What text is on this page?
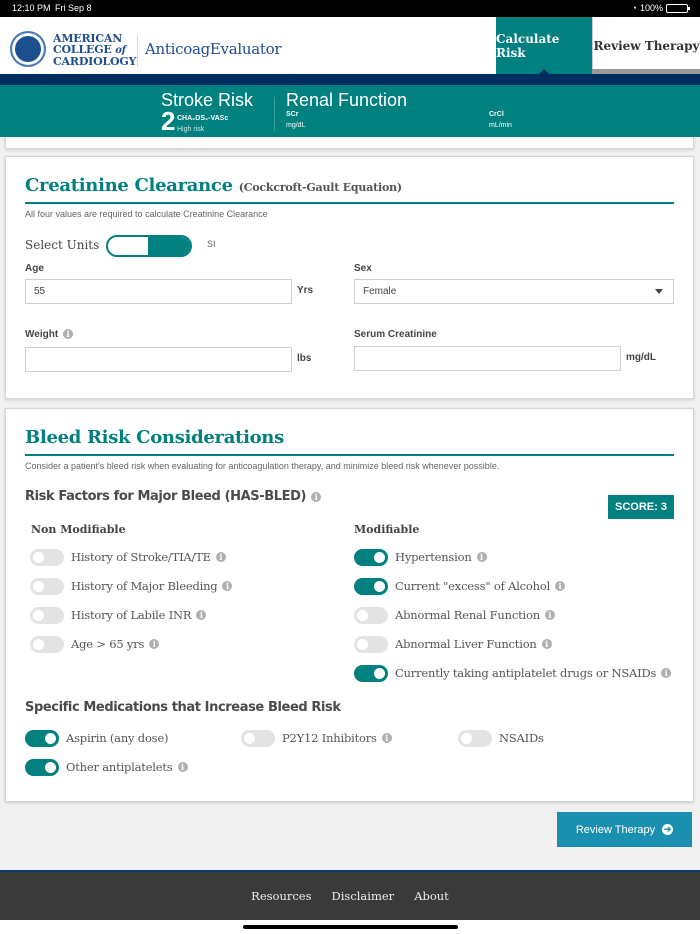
12:10 PM Fri Sep 8	◔ 100%
AMERICAN
COLLEGE of
CARDIOLOGY
AnticoagEvaluator
Calculate Risk	Review Therapy
Stroke Risk
2 CHA₂DS₂-VASc
High risk
Renal Function
SCr
mg/dL
CrCl
mL/min
Creatinine Clearance (Cockcroft-Gault Equation)
All four values are required to calculate Creatinine Clearance
Select Units	SI
Age
55	Yrs
Sex
Female
Weight i
lbs
Serum Creatinine
mg/dL
Bleed Risk Considerations
Consider a patient's bleed risk when evaluating for anticoagulation therapy, and minimize bleed risk whenever possible.
Risk Factors for Major Bleed (HAS-BLED) i
SCORE: 3
Non Modifiable	Modifiable
History of Stroke/TIA/TE	i
History of Major Bleeding	i
History of Labile INR	i
Age > 65 yrs	i
Hypertension	i
Current "excess" of Alcohol	i
Abnormal Renal Function	i
Abnormal Liver Function	i
Currently taking antiplatelet drugs or NSAIDs	i
Specific Medications that Increase Bleed Risk
Aspirin (any dose)	P2Y12 Inhibitors	i	NSAIDs
Other antiplatelets	i
Review Therapy ➔
Resources Disclaimer About
